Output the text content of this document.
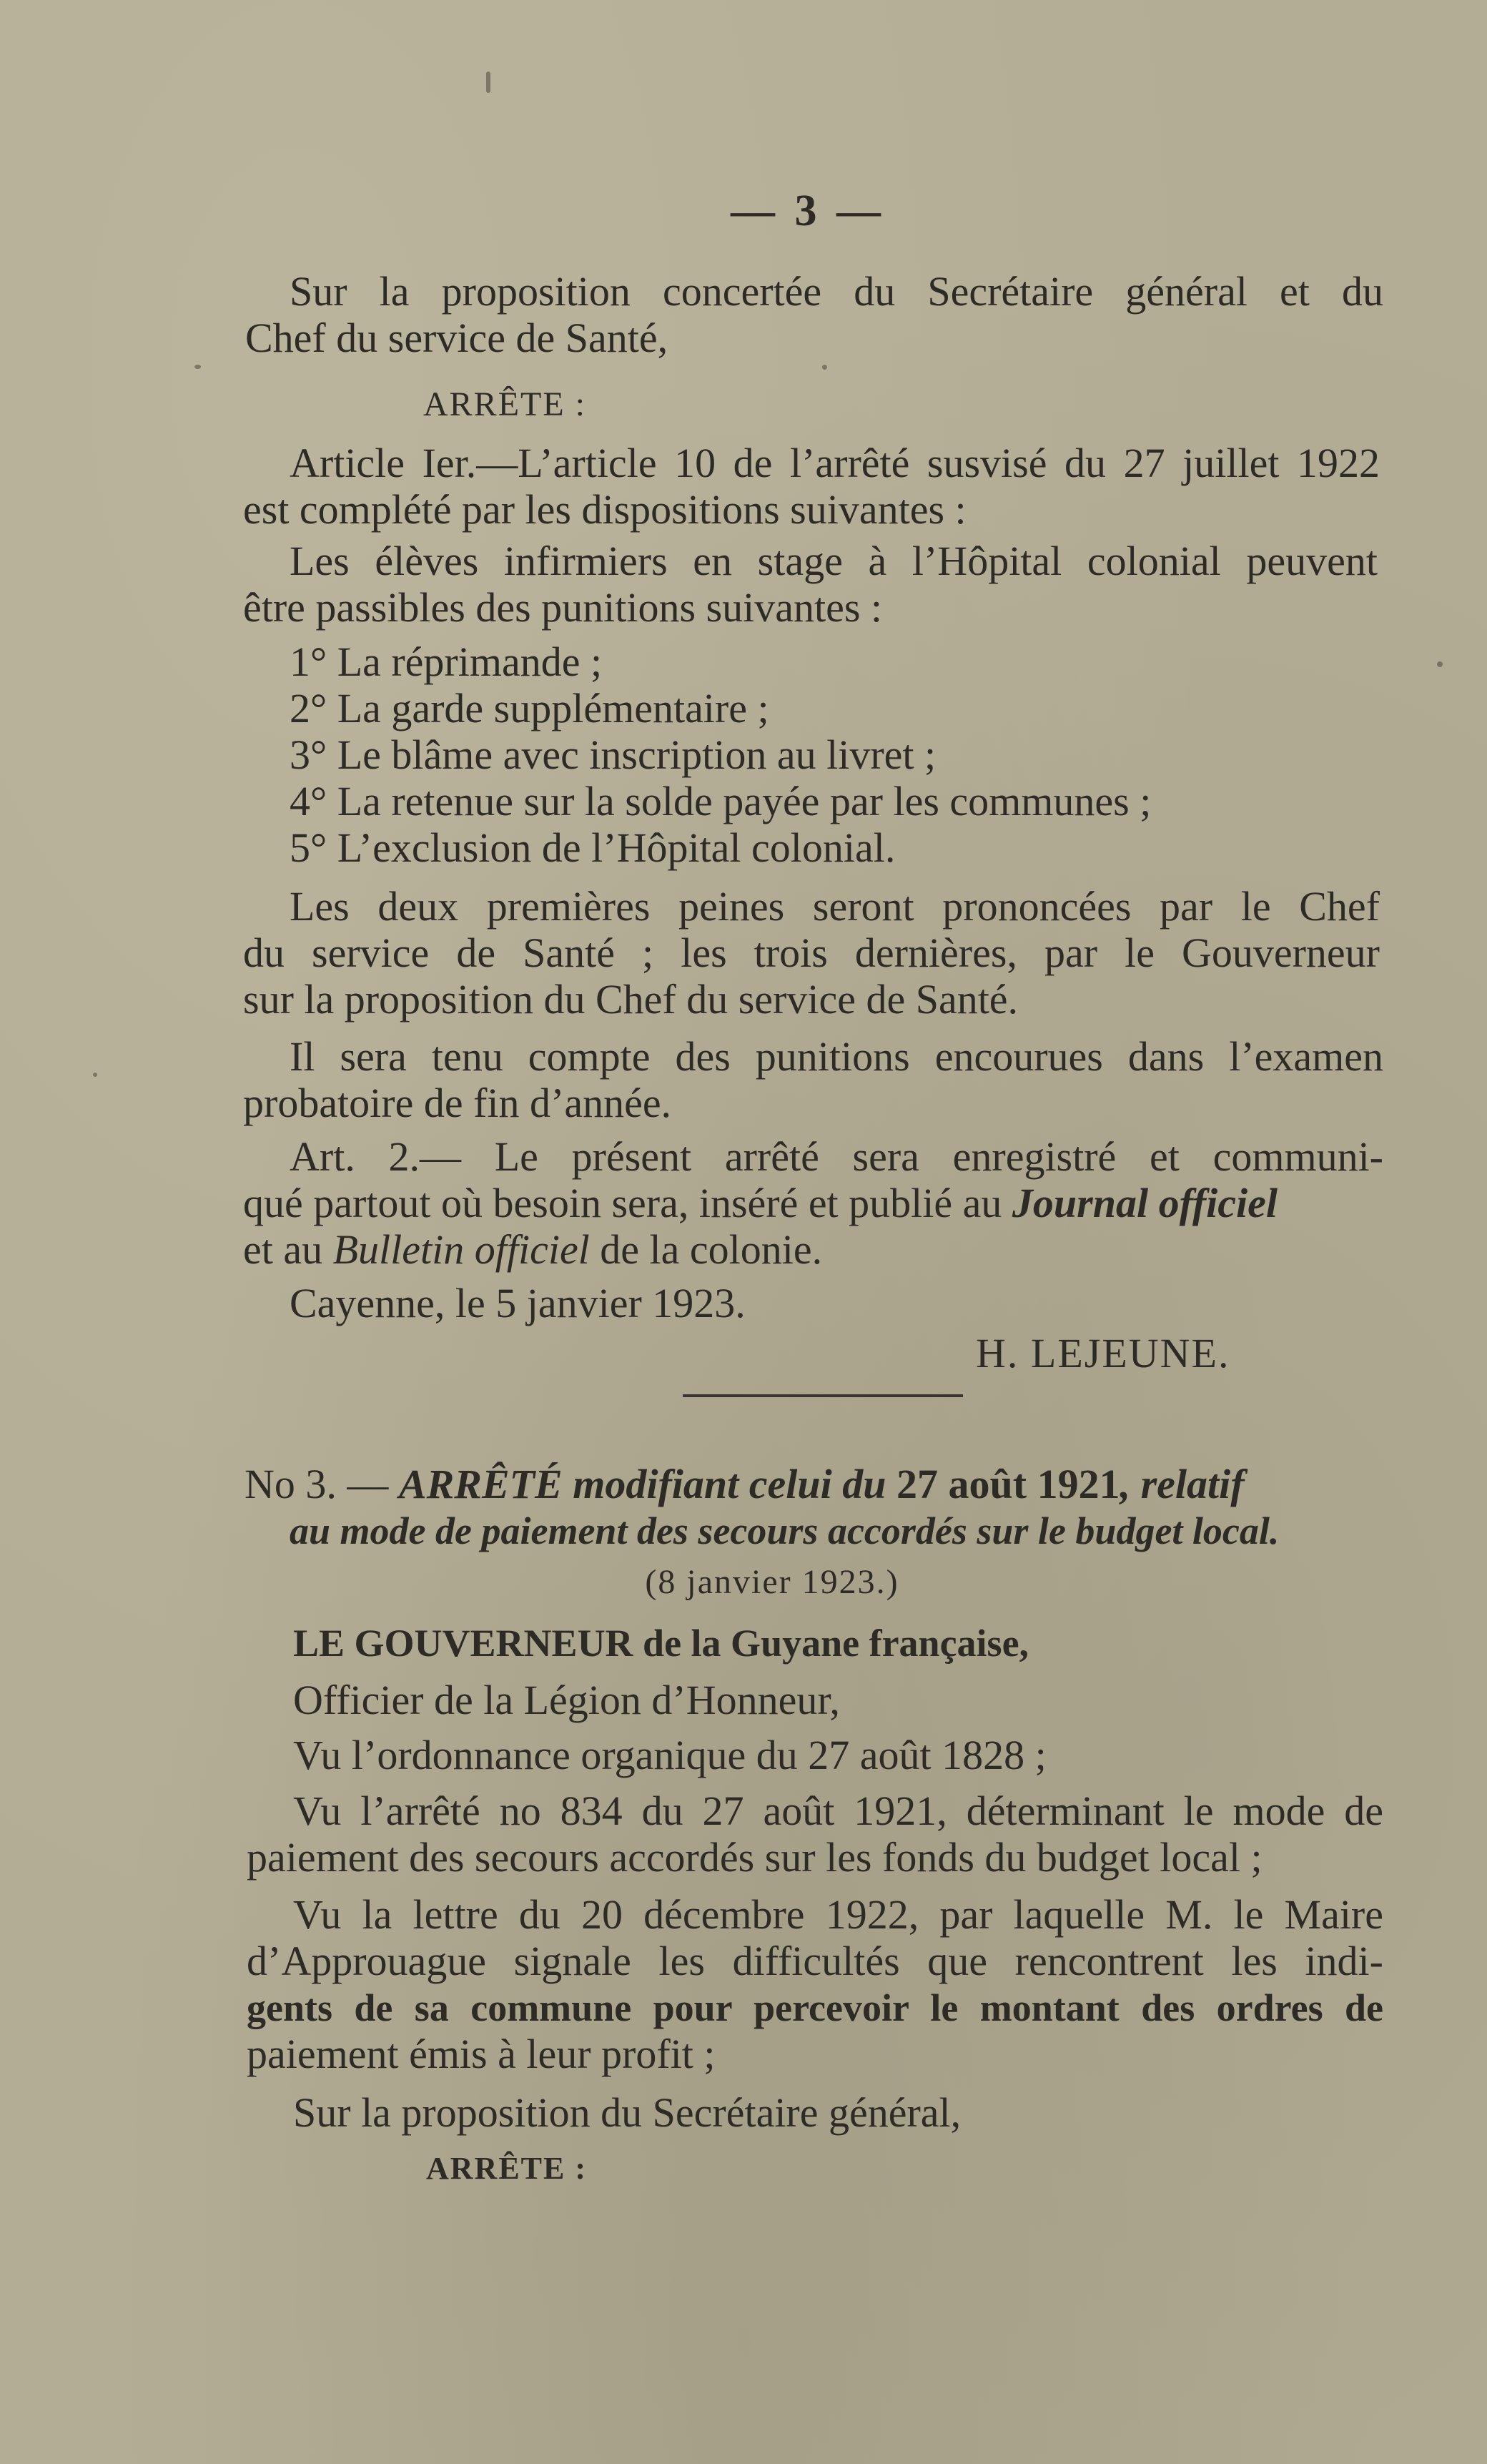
— 3 —

Sur la proposition concertée du Secrétaire général et du

Chef du service de Santé,

ARRÊTE :

Article Ier.—L’article 10 de l’arrêté susvisé du 27 juillet 1922

est complété par les dispositions suivantes :

Les élèves infirmiers en stage à l’Hôpital colonial peuvent

être passibles des punitions suivantes :

1° La réprimande ;

2° La garde supplémentaire ;

3° Le blâme avec inscription au livret ;

4° La retenue sur la solde payée par les communes ;

5° L’exclusion de l’Hôpital colonial.

Les deux premières peines seront prononcées par le Chef

du service de Santé ; les trois dernières, par le Gouverneur

sur la proposition du Chef du service de Santé.

Il sera tenu compte des punitions encourues dans l’examen

probatoire de fin d’année.

Art. 2.— Le présent arrêté sera enregistré et communi-

qué partout où besoin sera, inséré et publié au Journal officiel

et au Bulletin officiel de la colonie.

Cayenne, le 5 janvier 1923.

H. LEJEUNE.

No 3. — ARRÊTÉ modifiant celui du 27 août 1921, relatif

au mode de paiement des secours accordés sur le budget local.

(8 janvier 1923.)

LE GOUVERNEUR de la Guyane française,

Officier de la Légion d’Honneur,

Vu l’ordonnance organique du 27 août 1828 ;

Vu l’arrêté no 834 du 27 août 1921, déterminant le mode de

paiement des secours accordés sur les fonds du budget local ;

Vu la lettre du 20 décembre 1922, par laquelle M. le Maire

d’Approuague signale les difficultés que rencontrent les indi-

gents de sa commune pour percevoir le montant des ordres de

paiement émis à leur profit ;

Sur la proposition du Secrétaire général,

ARRÊTE :
